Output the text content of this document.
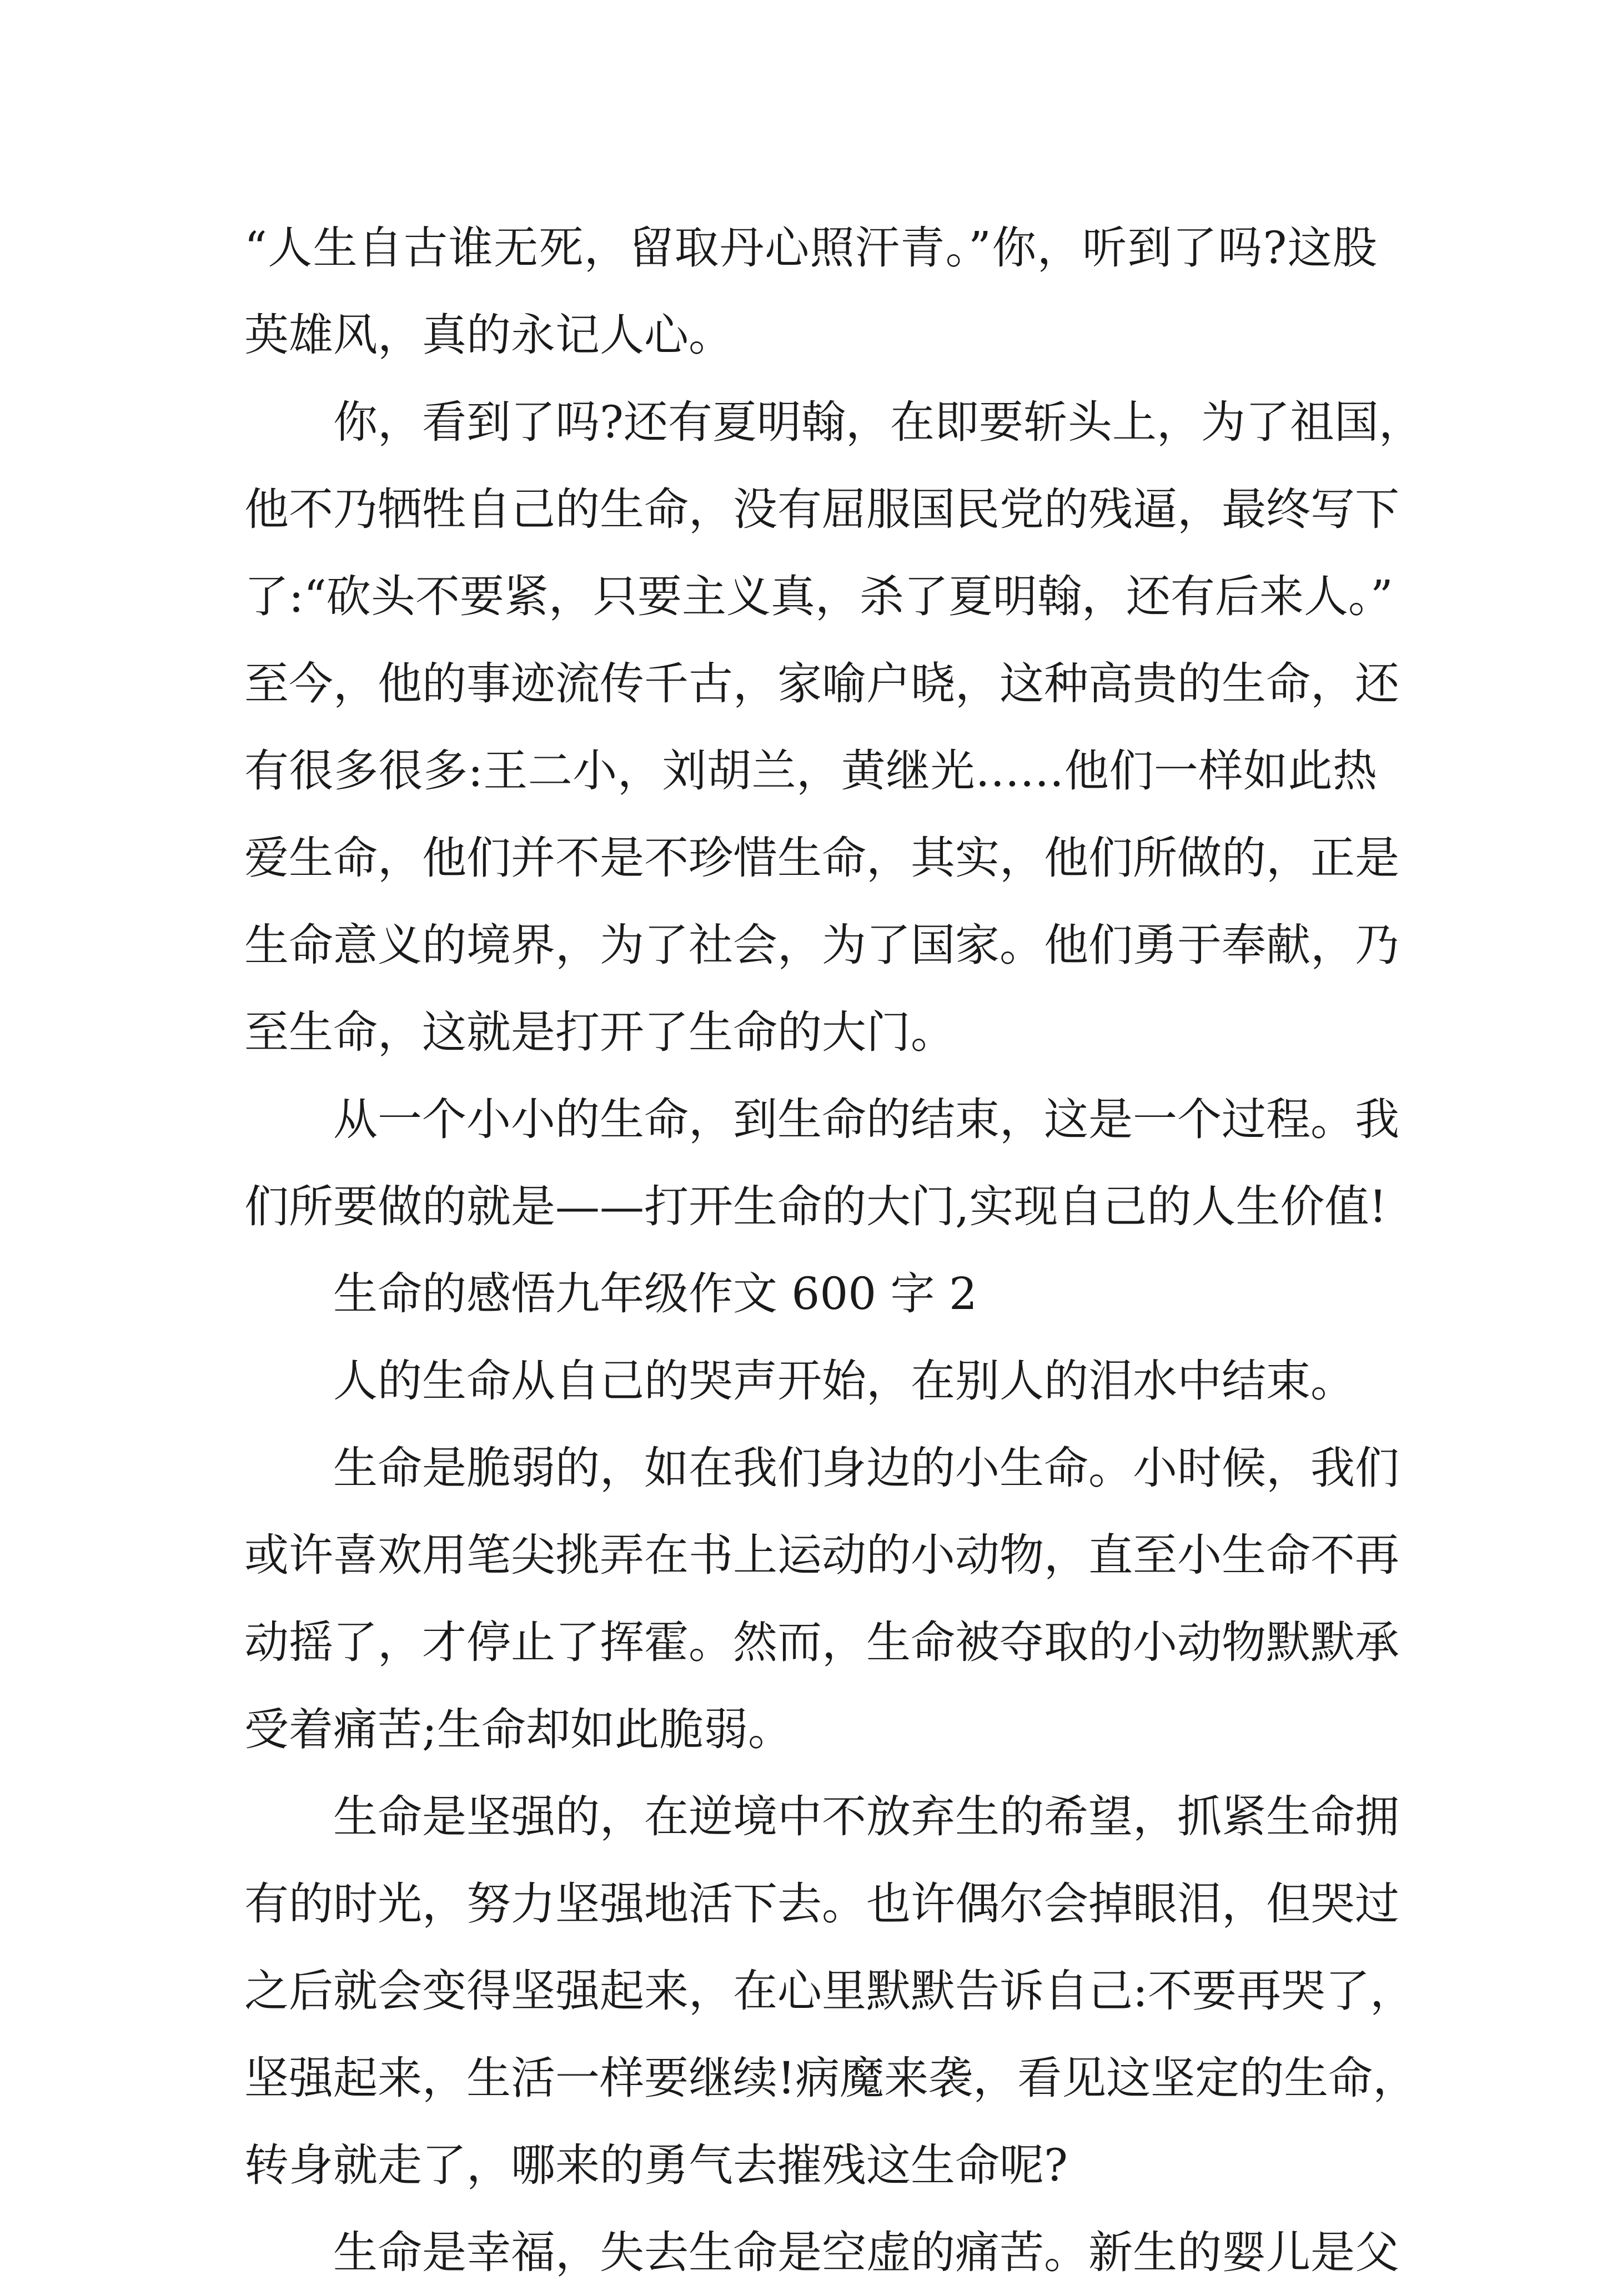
“人生自古谁无死，留取丹心照汗青。”你，听到了吗?这股
英雄风，真的永记人心。
你，看到了吗?还有夏明翰，在即要斩头上，为了祖国，
他不乃牺牲自己的生命，没有屈服国民党的残逼，最终写下
了:“砍头不要紧，只要主义真，杀了夏明翰，还有后来人。”
至今，他的事迹流传千古，家喻户晓，这种高贵的生命，还
有很多很多:王二小，刘胡兰，黄继光……他们一样如此热
爱生命，他们并不是不珍惜生命，其实，他们所做的，正是
生命意义的境界，为了社会，为了国家。他们勇于奉献，乃
至生命，这就是打开了生命的大门。
从一个小小的生命，到生命的结束，这是一个过程。我
们所要做的就是——打开生命的大门,实现自己的人生价值!
生命的感悟九年级作文 600 字 2
人的生命从自己的哭声开始，在别人的泪水中结束。
生命是脆弱的，如在我们身边的小生命。小时候，我们
或许喜欢用笔尖挑弄在书上运动的小动物，直至小生命不再
动摇了，才停止了挥霍。然而，生命被夺取的小动物默默承
受着痛苦;生命却如此脆弱。
生命是坚强的，在逆境中不放弃生的希望，抓紧生命拥
有的时光，努力坚强地活下去。也许偶尔会掉眼泪，但哭过
之后就会变得坚强起来，在心里默默告诉自己:不要再哭了，
坚强起来，生活一样要继续!病魔来袭，看见这坚定的生命，
转身就走了，哪来的勇气去摧残这生命呢?
生命是幸福，失去生命是空虚的痛苦。新生的婴儿是父
